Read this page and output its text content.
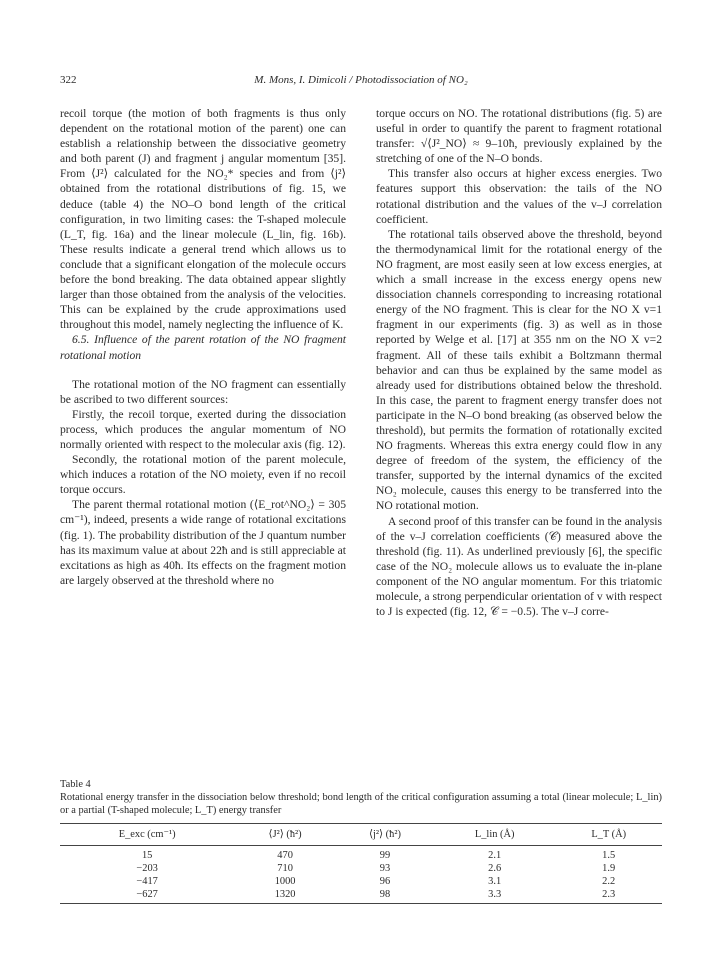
322	M. Mons, I. Dimicoli / Photodissociation of NO₂

recoil torque (the motion of both fragments is thus only dependent on the rotational motion of the parent) one can establish a relationship between the dissociative geometry and both parent (J) and fragment j angular momentum [35]. From ⟨J²⟩ calculated for the NO₂* species and from ⟨j²⟩ obtained from the rotational distributions of fig. 15, we deduce (table 4) the NO–O bond length of the critical configuration, in two limiting cases: the T-shaped molecule (L_T, fig. 16a) and the linear molecule (L_lin, fig. 16b). These results indicate a general trend which allows us to conclude that a significant elongation of the molecule occurs before the bond breaking. The data obtained appear slightly larger than those obtained from the analysis of the velocities. This can be explained by the crude approximations used throughout this model, namely neglecting the influence of K.

6.5. Influence of the parent rotation of the NO fragment rotational motion

The rotational motion of the NO fragment can essentially be ascribed to two different sources:

Firstly, the recoil torque, exerted during the dissociation process, which produces the angular momentum of NO normally oriented with respect to the molecular axis (fig. 12).

Secondly, the rotational motion of the parent molecule, which induces a rotation of the NO moiety, even if no recoil torque occurs.

The parent thermal rotational motion (⟨E_rot^NO₂⟩ = 305 cm⁻¹), indeed, presents a wide range of rotational excitations (fig. 1). The probability distribution of the J quantum number has its maximum value at about 22ħ and is still appreciable at excitations as high as 40ħ. Its effects on the fragment motion are largely observed at the threshold where no

torque occurs on NO. The rotational distributions (fig. 5) are useful in order to quantify the parent to fragment rotational transfer: √⟨J²_NO⟩ ≈ 9–10ħ, previously explained by the stretching of one of the N–O bonds.

This transfer also occurs at higher excess energies. Two features support this observation: the tails of the NO rotational distribution and the values of the v–J correlation coefficient.

The rotational tails observed above the threshold, beyond the thermodynamical limit for the rotational energy of the NO fragment, are most easily seen at low excess energies, at which a small increase in the excess energy opens new dissociation channels corresponding to increasing rotational energy of the NO fragment. This is clear for the NO X v=1 fragment in our experiments (fig. 3) as well as in those reported by Welge et al. [17] at 355 nm on the NO X v=2 fragment. All of these tails exhibit a Boltzmann thermal behavior and can thus be explained by the same model as already used for distributions obtained below the threshold. In this case, the parent to fragment energy transfer does not participate in the N–O bond breaking (as observed below the threshold), but permits the formation of rotationally excited NO fragments. Whereas this extra energy could flow in any degree of freedom of the system, the efficiency of the transfer, supported by the internal dynamics of the excited NO₂ molecule, causes this energy to be transferred into the NO rotational motion.

A second proof of this transfer can be found in the analysis of the v–J correlation coefficients (𝒞) measured above the threshold (fig. 11). As underlined previously [6], the specific case of the NO₂ molecule allows us to evaluate the in-plane component of the NO angular momentum. For this triatomic molecule, a strong perpendicular orientation of v with respect to J is expected (fig. 12, 𝒞 = −0.5). The v–J corre-

Table 4

Rotational energy transfer in the dissociation below threshold; bond length of the critical configuration assuming a total (linear molecule; L_lin) or a partial (T-shaped molecule; L_T) energy transfer

E_exc (cm⁻¹)	⟨J²⟩ (ħ²)	⟨j²⟩ (ħ²)	L_lin (Å)	L_T (Å)
15	470	99	2.1	1.5
−203	710	93	2.6	1.9
−417	1000	96	3.1	2.2
−627	1320	98	3.3	2.3
